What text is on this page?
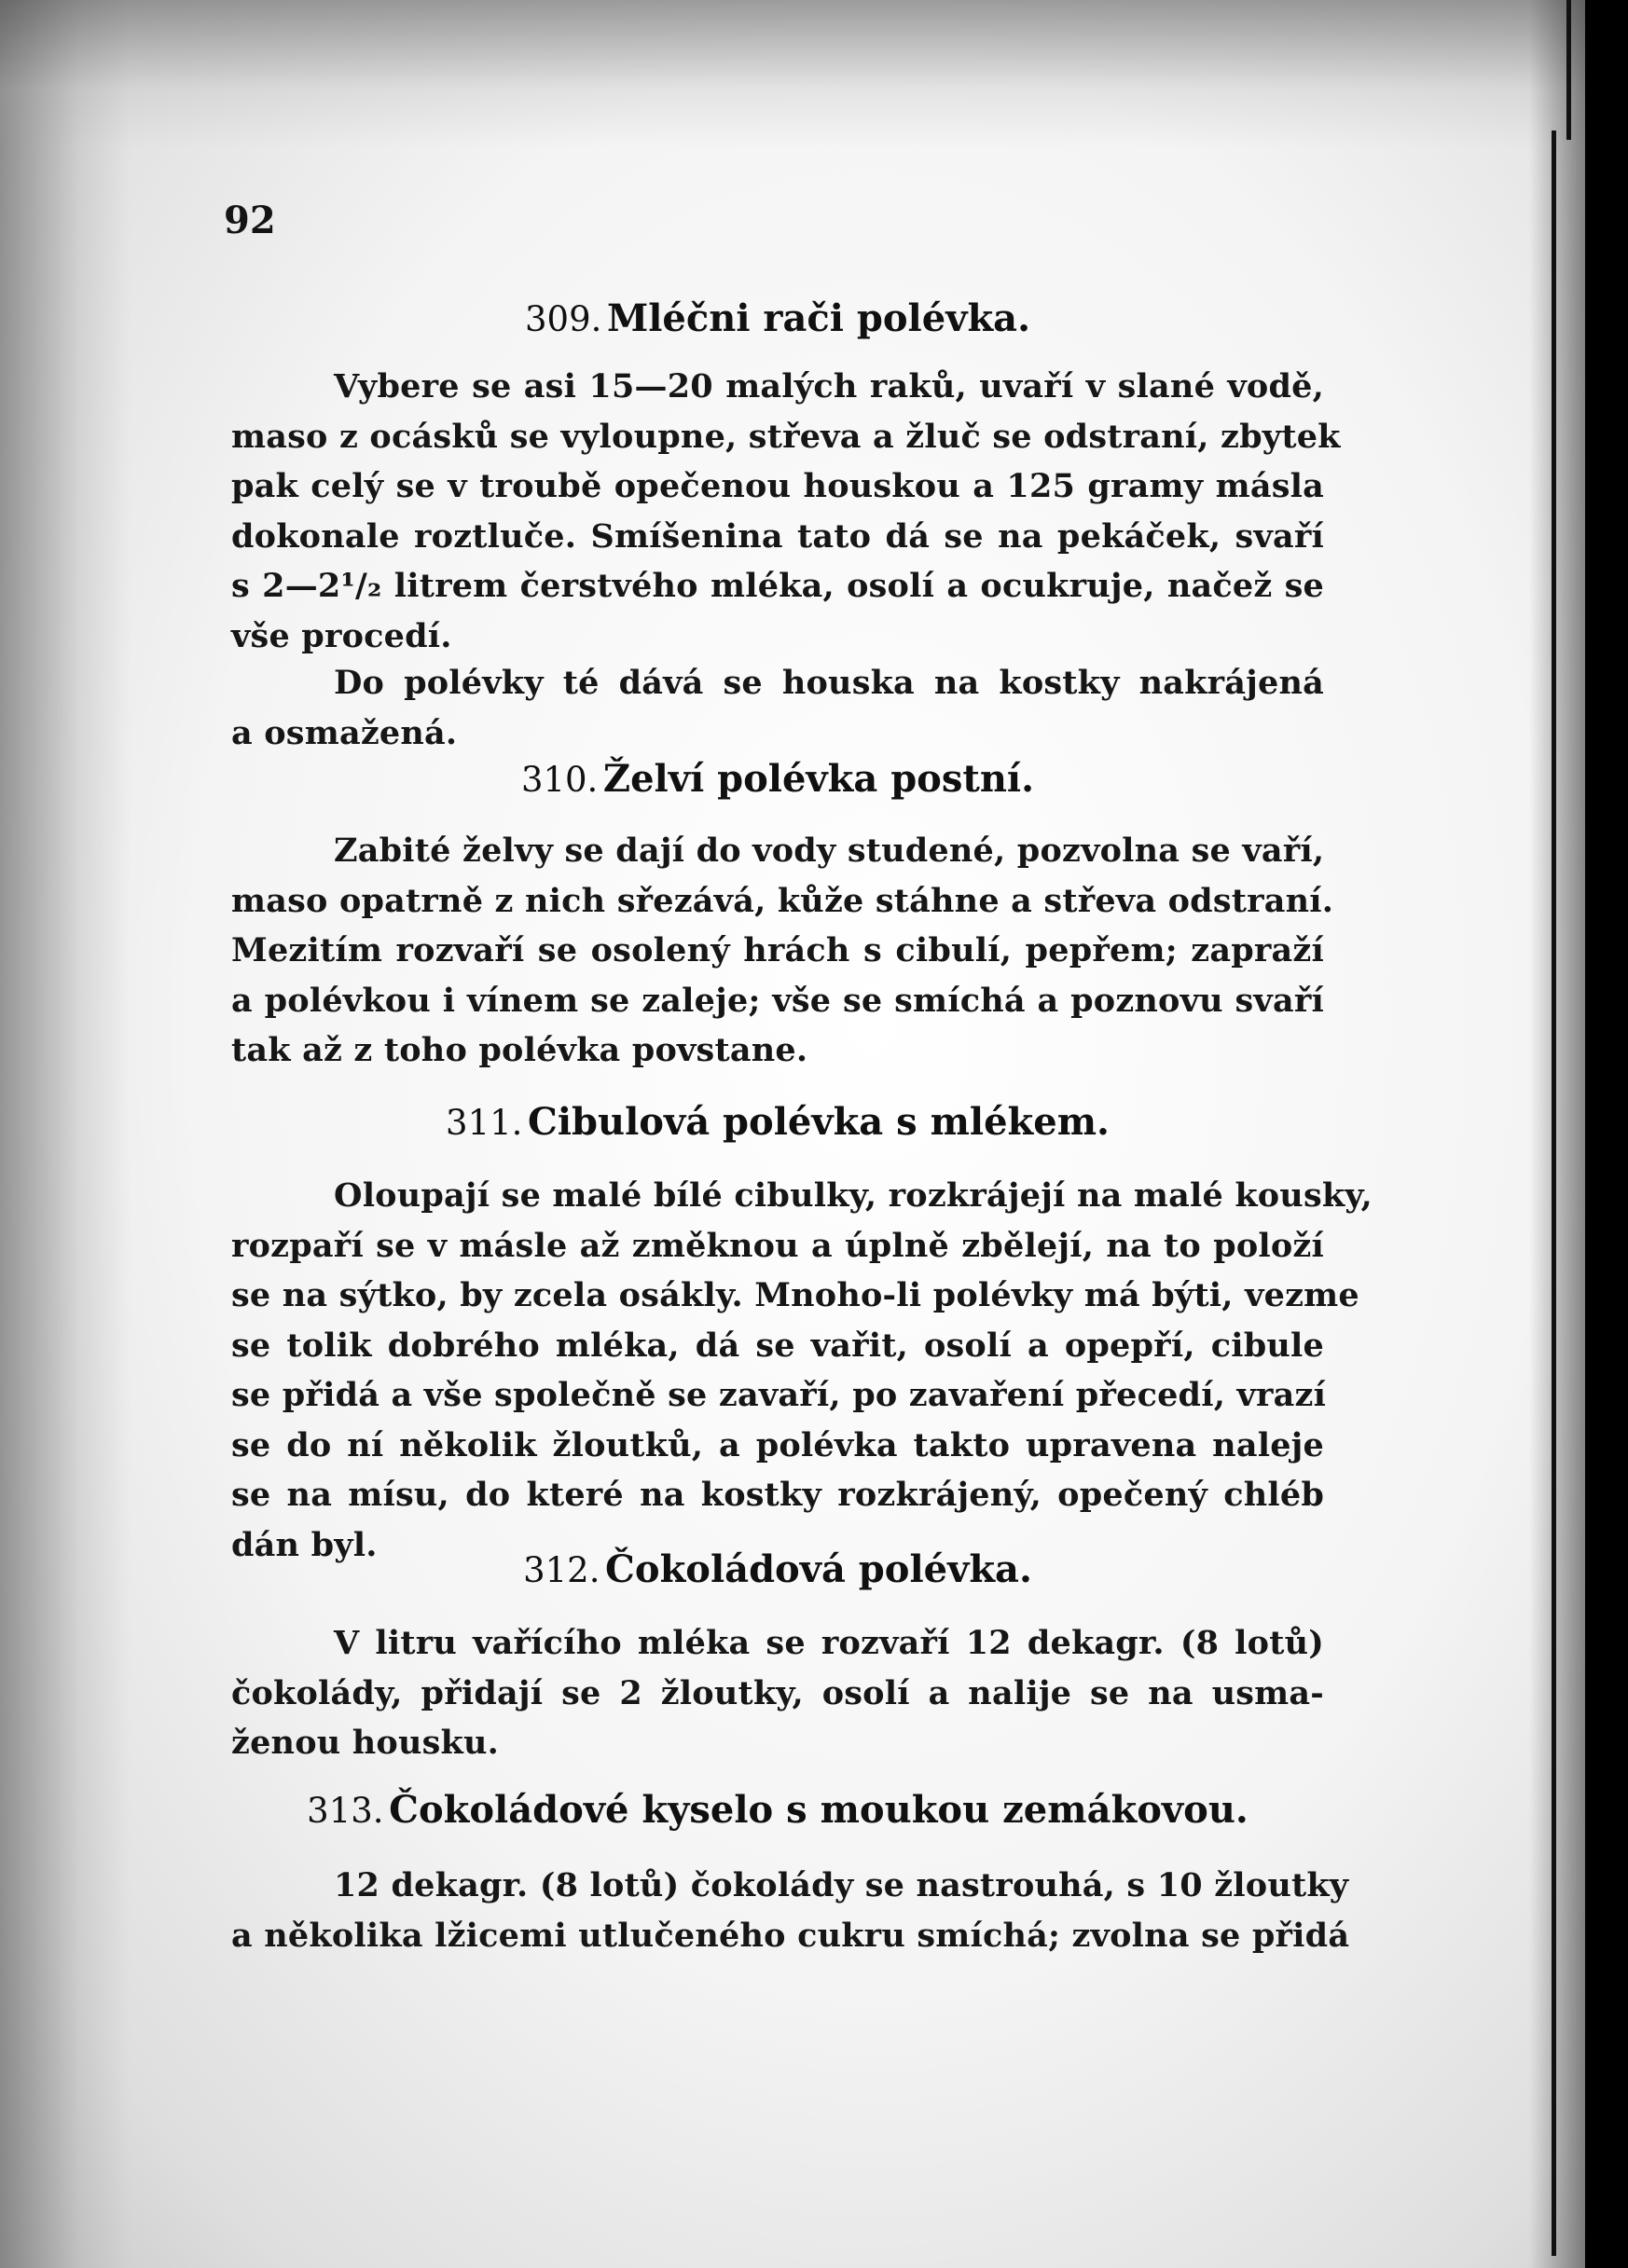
92
309. Mléčni rači polévka.
Vybere se asi 15—20 malých raků, uvaří v slané vodě,
maso z ocásků se vyloupne, střeva a žluč se odstraní, zbytek
pak celý se v troubě opečenou houskou a 125 gramy másla
dokonale roztluče. Smíšenina tato dá se na pekáček, svaří
s 2—2¹/₂ litrem čerstvého mléka, osolí a ocukruje, načež se
vše procedí.
Do polévky té dává se houska na kostky nakrájená
a osmažená.
310. Želví polévka postní.
Zabité želvy se dají do vody studené, pozvolna se vaří,
maso opatrně z nich sřezává, kůže stáhne a střeva odstraní.
Mezitím rozvaří se osolený hrách s cibulí, pepřem; zapraží
a polévkou i vínem se zaleje; vše se smíchá a poznovu svaří
tak až z toho polévka povstane.
311. Cibulová polévka s mlékem.
Oloupají se malé bílé cibulky, rozkrájejí na malé kousky,
rozpaří se v másle až změknou a úplně zbělejí, na to položí
se na sýtko, by zcela osákly. Mnoho-li polévky má býti, vezme
se tolik dobrého mléka, dá se vařit, osolí a opepří, cibule
se přidá a vše společně se zavaří, po zavaření přecedí, vrazí
se do ní několik žloutků, a polévka takto upravena naleje
se na mísu, do které na kostky rozkrájený, opečený chléb
dán byl.
312. Čokoládová polévka.
V litru vařícího mléka se rozvaří 12 dekagr. (8 lotů)
čokolády, přidají se 2 žloutky, osolí a nalije se na usma-
ženou housku.
313. Čokoládové kyselo s moukou zemákovou.
12 dekagr. (8 lotů) čokolády se nastrouhá, s 10 žloutky
a několika lžicemi utlučeného cukru smíchá; zvolna se přidá
